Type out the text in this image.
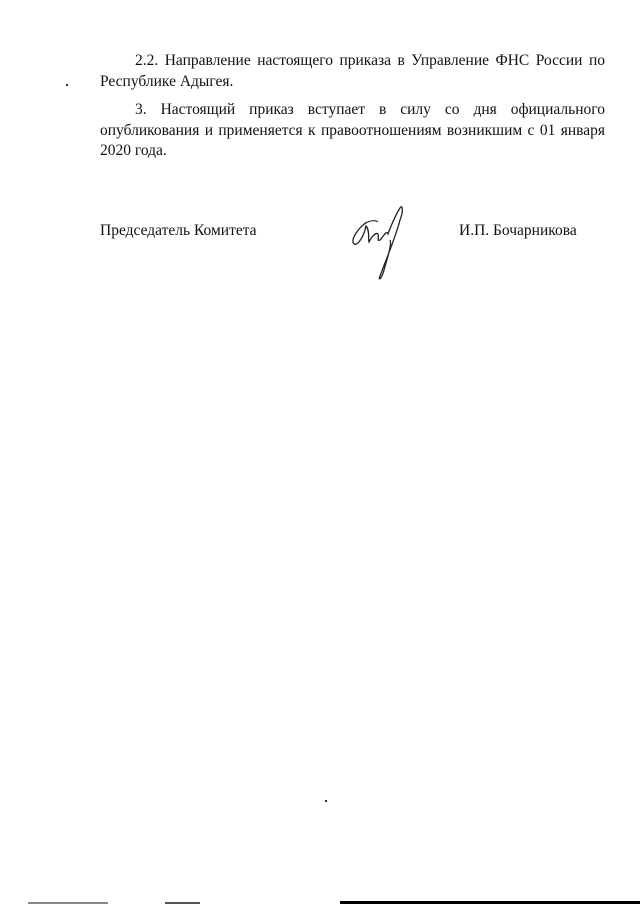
2.2. Направление настоящего приказа в Управление ФНС России по Республике Адыгея.
3. Настоящий приказ вступает в силу со дня официального опубликования и применяется к правоотношениям возникшим с 01 января 2020 года.
Председатель Комитета	И.П. Бочарникова
